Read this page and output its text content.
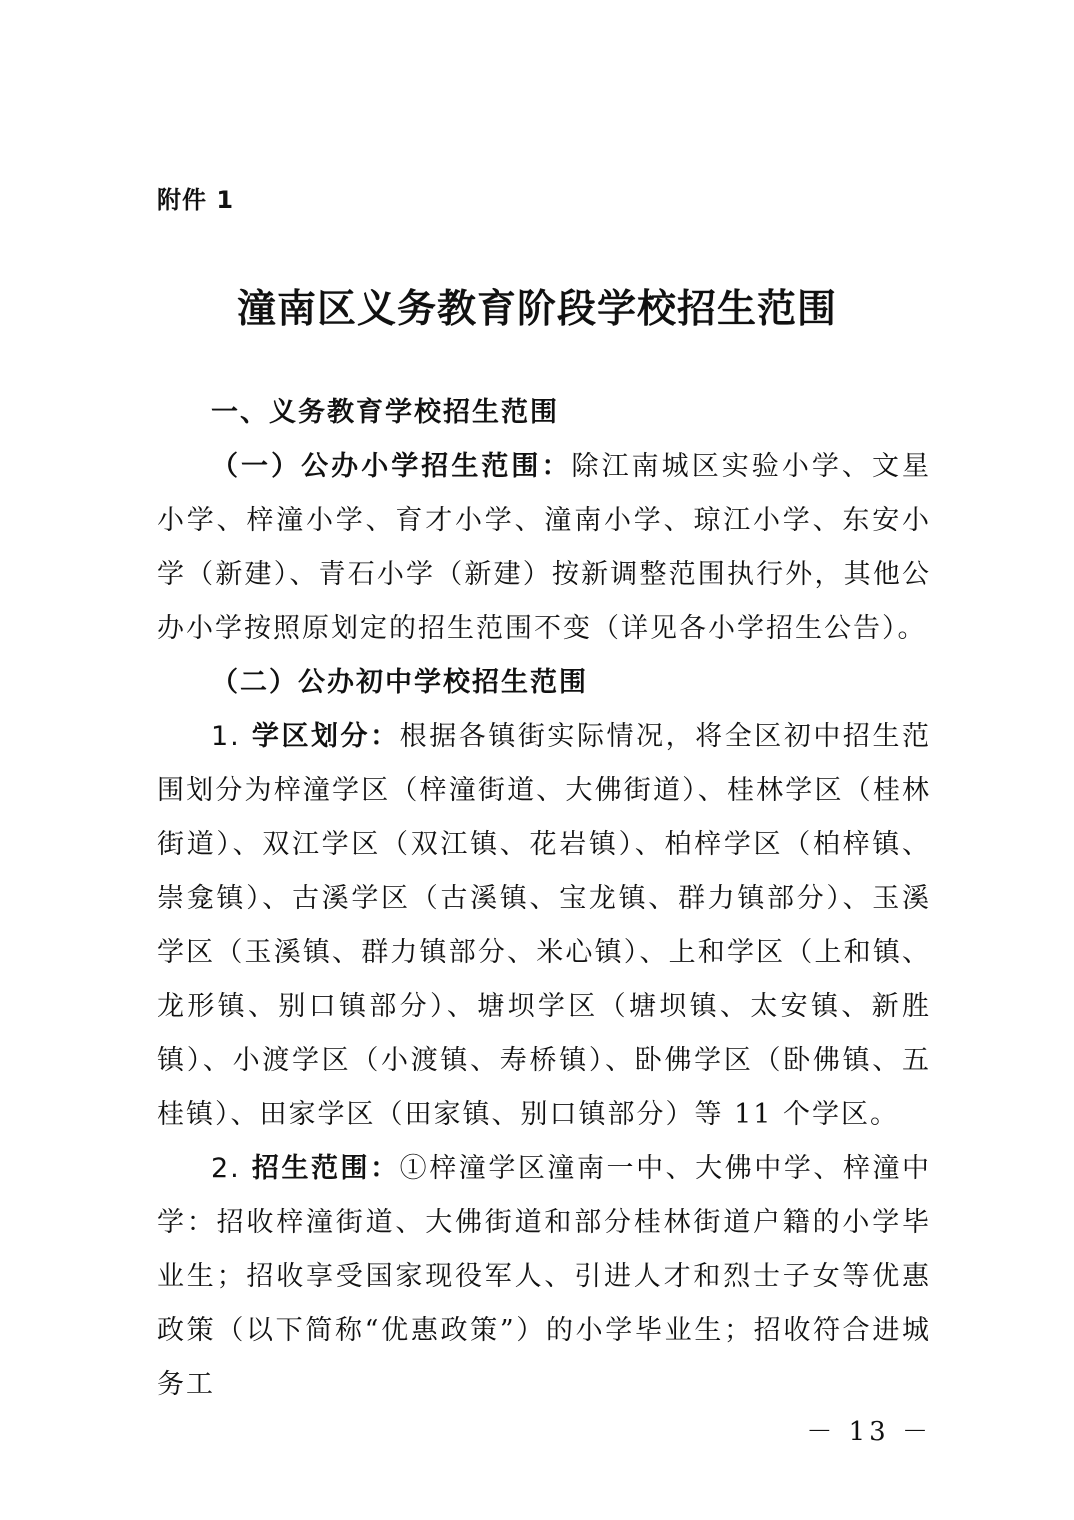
附件 1
潼南区义务教育阶段学校招生范围

一、义务教育学校招生范围

（一）公办小学招生范围：除江南城区实验小学、文星小学、梓潼小学、育才小学、潼南小学、琼江小学、东安小学（新建）、青石小学（新建）按新调整范围执行外，其他公办小学按照原划定的招生范围不变（详见各小学招生公告）。

（二）公办初中学校招生范围

1. 学区划分：根据各镇街实际情况，将全区初中招生范围划分为梓潼学区（梓潼街道、大佛街道）、桂林学区（桂林街道）、双江学区（双江镇、花岩镇）、柏梓学区（柏梓镇、崇龛镇）、古溪学区（古溪镇、宝龙镇、群力镇部分）、玉溪学区（玉溪镇、群力镇部分、米心镇）、上和学区（上和镇、龙形镇、别口镇部分）、塘坝学区（塘坝镇、太安镇、新胜镇）、小渡学区（小渡镇、寿桥镇）、卧佛学区（卧佛镇、五桂镇）、田家学区（田家镇、别口镇部分）等 11 个学区。

2. 招生范围：①梓潼学区潼南一中、大佛中学、梓潼中学：招收梓潼街道、大佛街道和部分桂林街道户籍的小学毕业生；招收享受国家现役军人、引进人才和烈士子女等优惠政策（以下简称“优惠政策”）的小学毕业生；招收符合进城务工

－ 13 －
